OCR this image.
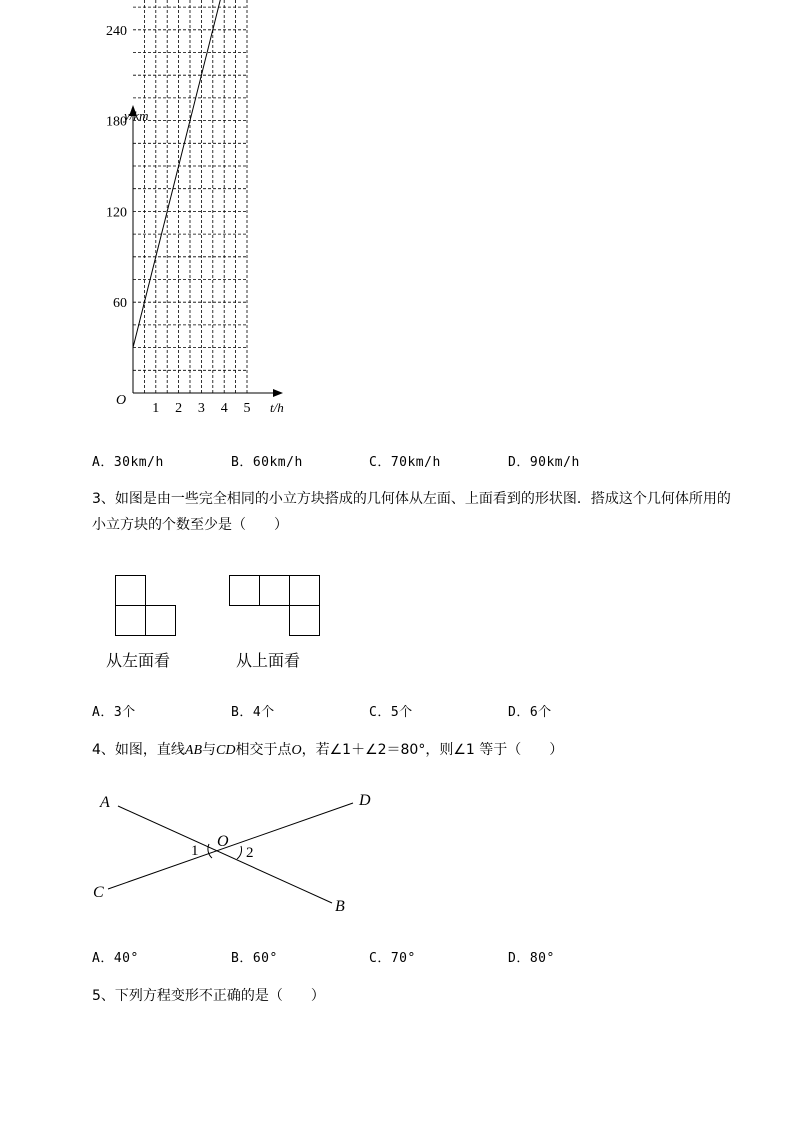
y/km
t/h
O
240
180
120
60
1 2 3 4 5
A．30km/h	B．60km/h	C．70km/h	D．90km/h
3、如图是由一些完全相同的小立方块搭成的几何体从左面、上面看到的形状图．搭成这个几何体所用的小立方块的个数至少是（　　）
从左面看	从上面看
A．3个	B．4个	C．5个	D．6个
4、如图，直线AB与CD相交于点O，若∠1＋∠2＝80°，则∠1 等于（　　）
A	D
O
1	2
C
B
A．40°	B．60°	C．70°	D．80°
5、下列方程变形不正确的是（　　）
